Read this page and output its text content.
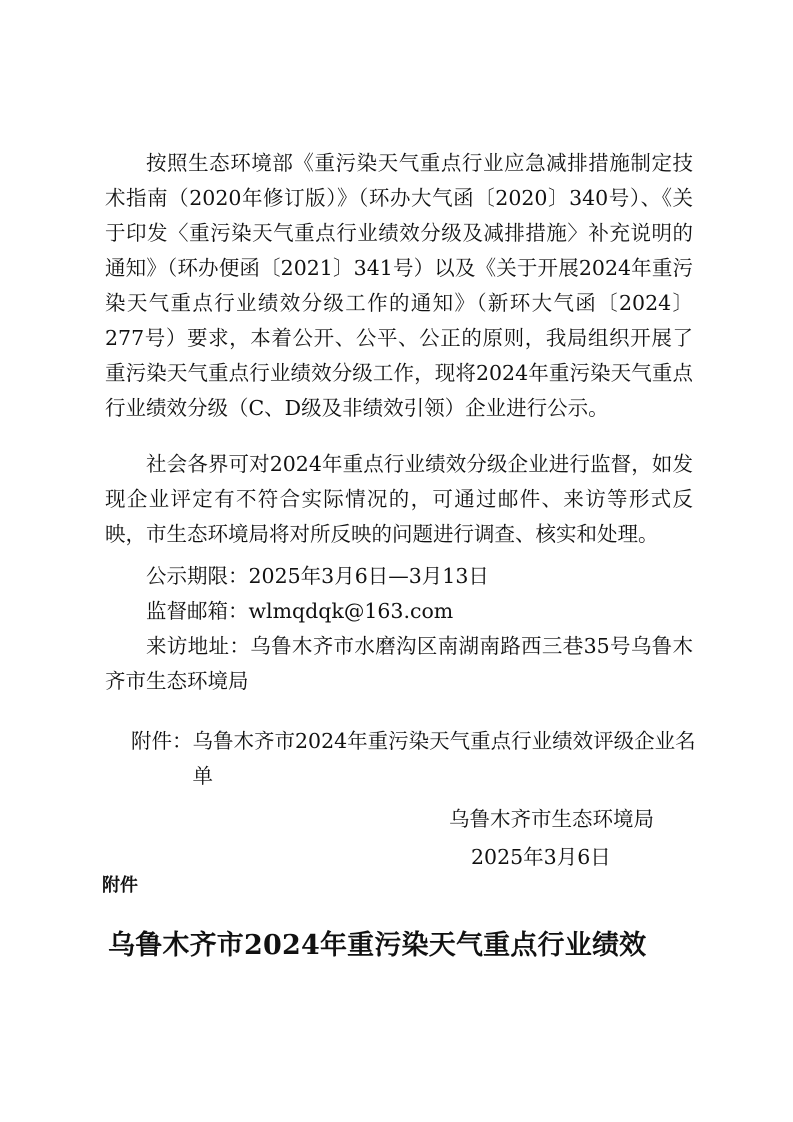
按照生态环境部《重污染天气重点行业应急减排措施制定技术指南（2020年修订版）》（环办大气函〔2020〕340号）、《关于印发〈重污染天气重点行业绩效分级及减排措施〉补充说明的通知》（环办便函〔2021〕341号）以及《关于开展2024年重污染天气重点行业绩效分级工作的通知》（新环大气函〔2024〕277号）要求，本着公开、公平、公正的原则，我局组织开展了重污染天气重点行业绩效分级工作，现将2024年重污染天气重点行业绩效分级（C、D级及非绩效引领）企业进行公示。

社会各界可对2024年重点行业绩效分级企业进行监督，如发现企业评定有不符合实际情况的，可通过邮件、来访等形式反映，市生态环境局将对所反映的问题进行调查、核实和处理。

公示期限：2025年3月6日—3月13日

监督邮箱：wlmqdqk@163.com

来访地址：乌鲁木齐市水磨沟区南湖南路西三巷35号乌鲁木齐市生态环境局

附件： 乌鲁木齐市2024年重污染天气重点行业绩效评级企业名单

乌鲁木齐市生态环境局

2025年3月6日

附件

乌鲁木齐市2024年重污染天气重点行业绩效
